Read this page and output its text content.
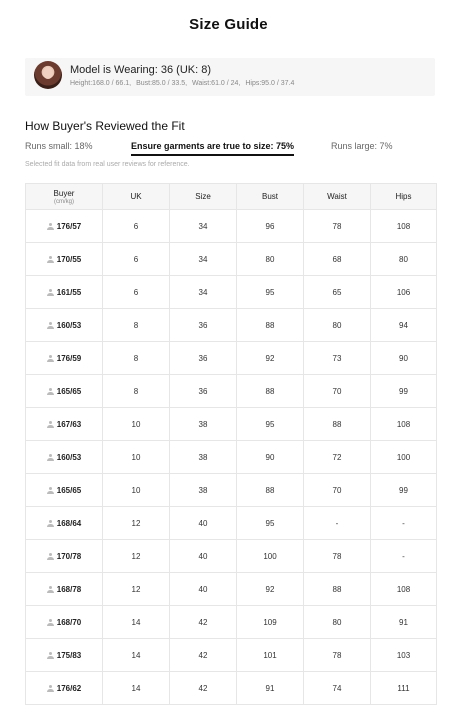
Size Guide
Model is Wearing: 36 (UK: 8)
Height:168.0 / 66.1, Bust:85.0 / 33.5, Waist:61.0 / 24, Hips:95.0 / 37.4
How Buyer's Reviewed the Fit
Runs small: 18%	Ensure garments are true to size: 75%	Runs large: 7%
Selected fit data from real user reviews for reference.
Buyer
(cm/kg)	UK	Size	Bust	Waist	Hips
176/57	6	34	96	78	108
170/55	6	34	80	68	80
161/55	6	34	95	65	106
160/53	8	36	88	80	94
176/59	8	36	92	73	90
165/65	8	36	88	70	99
167/63	10	38	95	88	108
160/53	10	38	90	72	100
165/65	10	38	88	70	99
168/64	12	40	95	-	-
170/78	12	40	100	78	-
168/78	12	40	92	88	108
168/70	14	42	109	80	91
175/83	14	42	101	78	103
176/62	14	42	91	74	111
